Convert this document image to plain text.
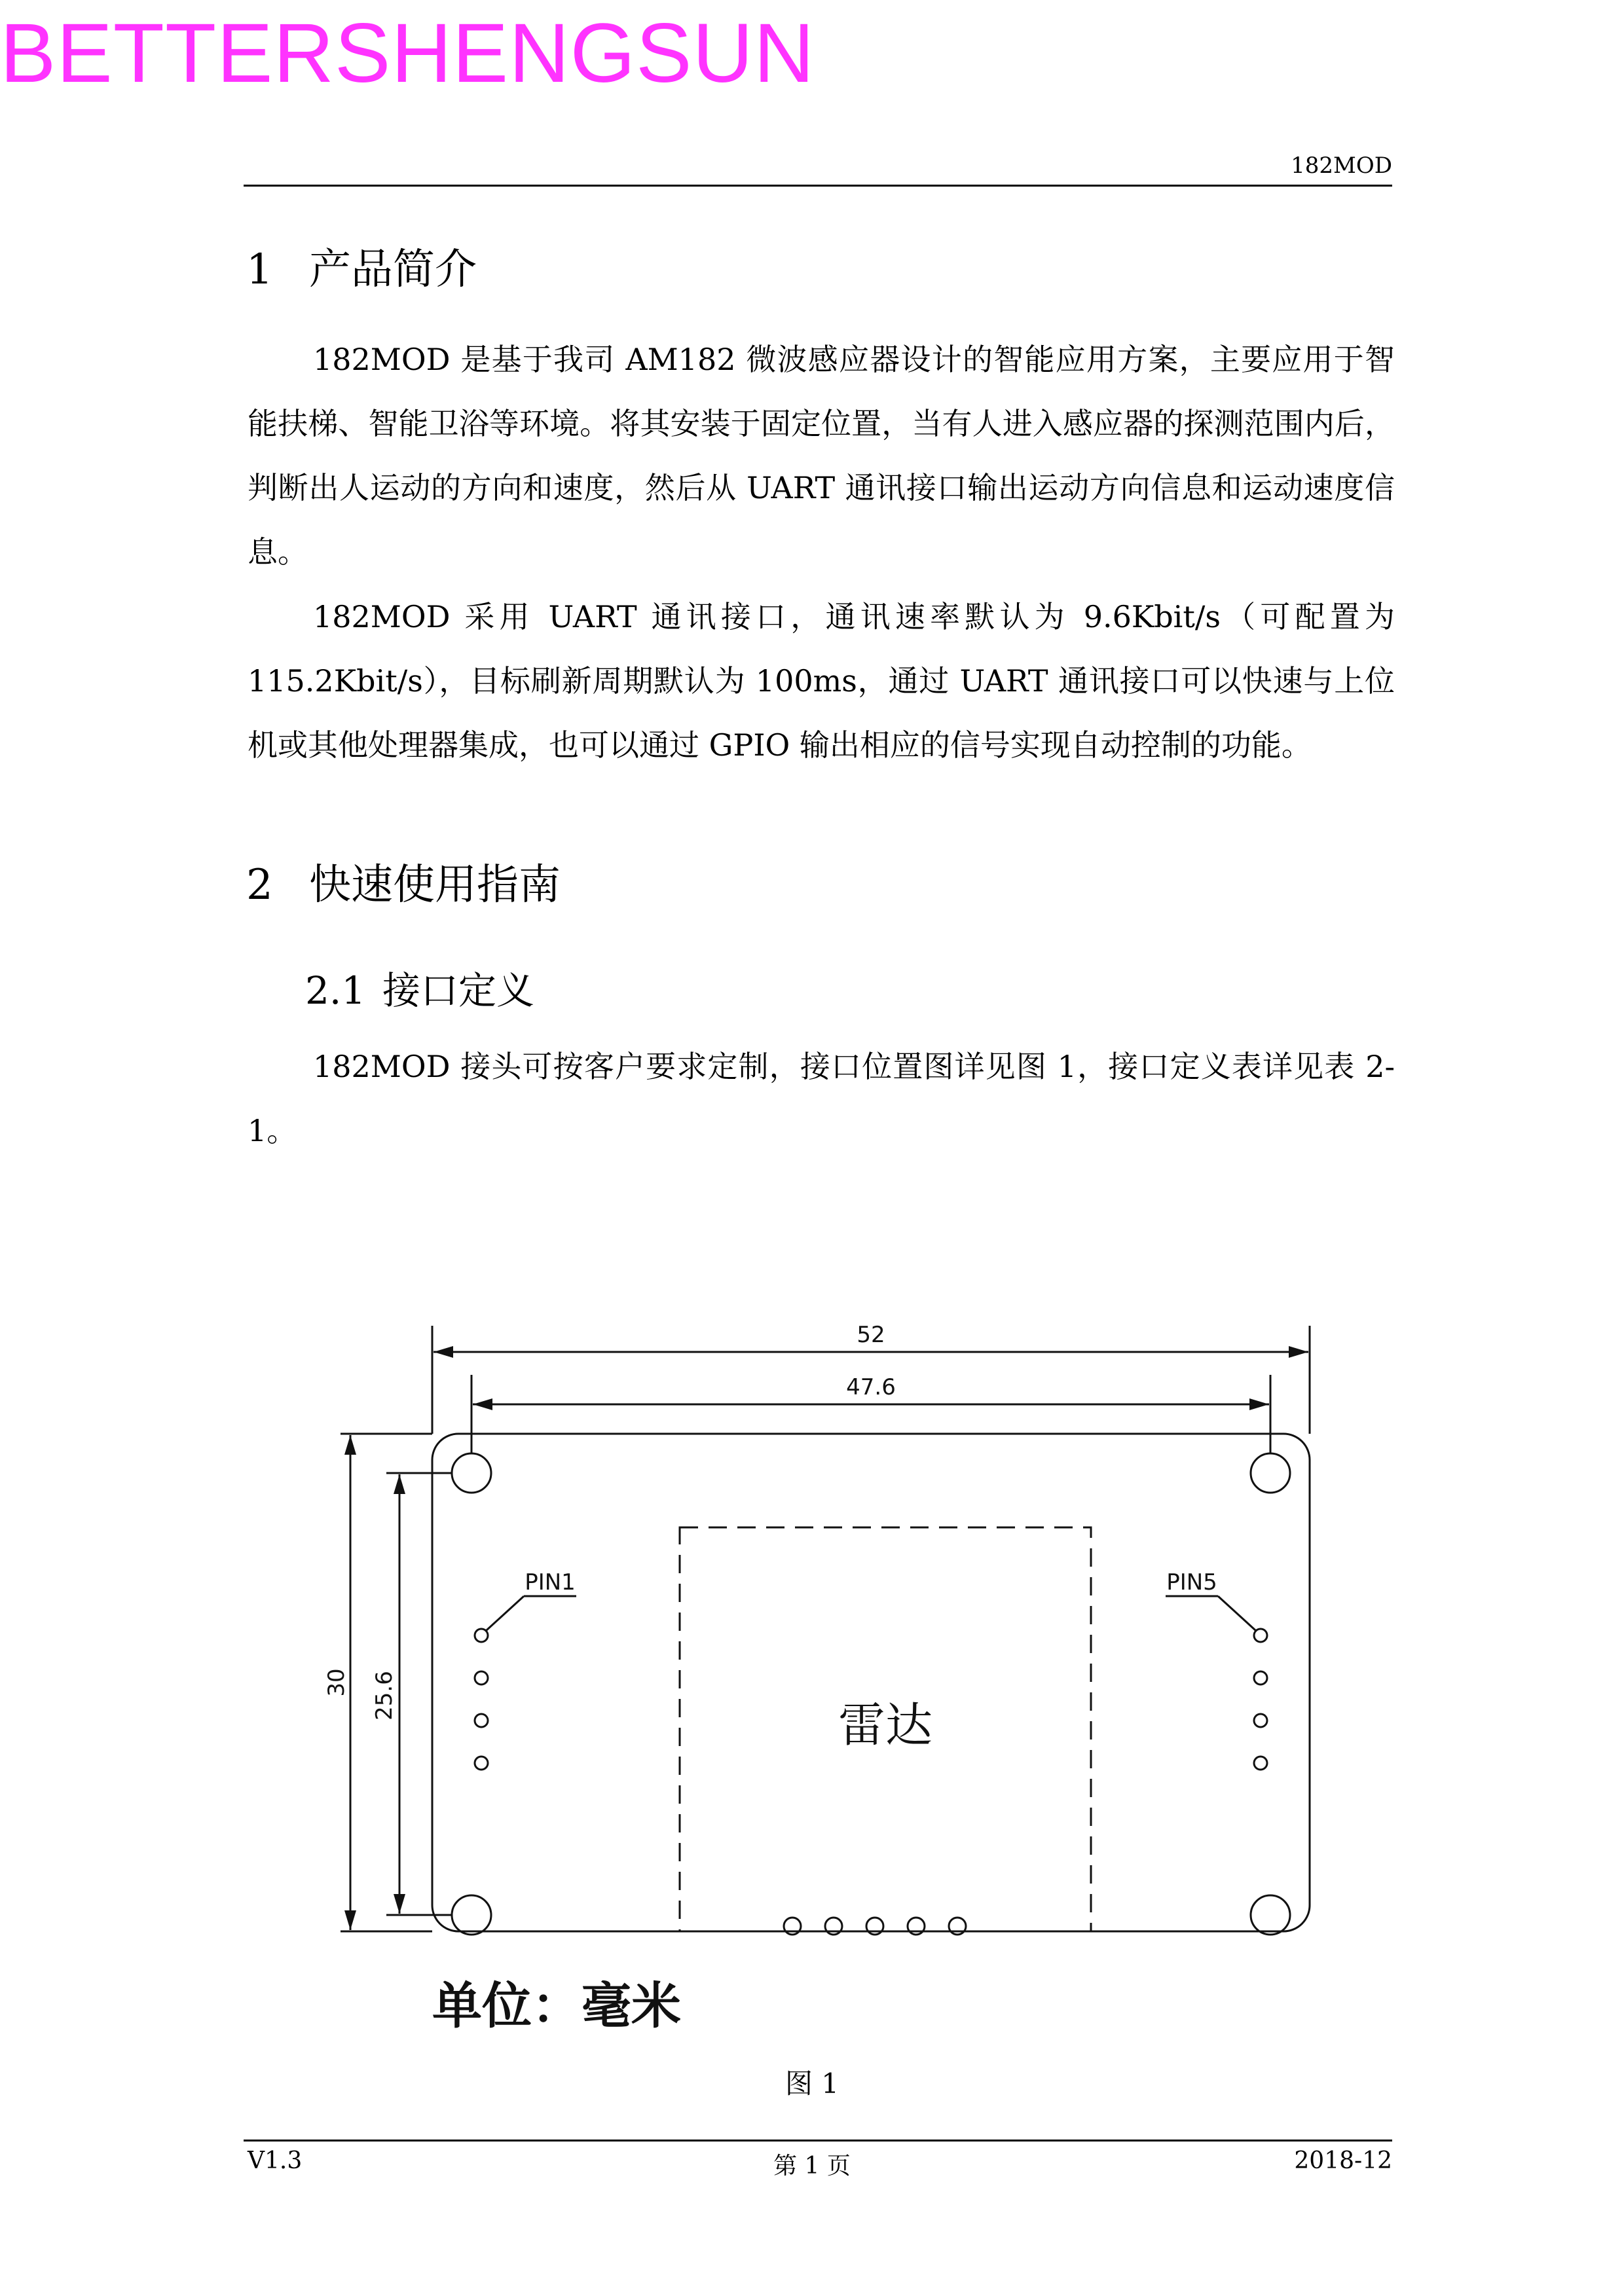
BETTERSHENGSUN
182MOD
1 产品简介

182MOD 是基于我司 AM182 微波感应器设计的智能应用方案，主要应用于智能扶梯、智能卫浴等环境。将其安装于固定位置，当有人进入感应器的探测范围内后，判断出人运动的方向和速度，然后从 UART 通讯接口输出运动方向信息和运动速度信息。

182MOD 采用 UART 通讯接口，通讯速率默认为 9.6Kbit/s（可配置为 115.2Kbit/s），目标刷新周期默认为 100ms，通过 UART 通讯接口可以快速与上位机或其他处理器集成，也可以通过 GPIO 输出相应的信号实现自动控制的功能。

2 快速使用指南
2.1 接口定义

182MOD 接头可按客户要求定制，接口位置图详见图 1，接口定义表详见表 2-1。

52
47.6
30 25.6
PIN1	PIN5
雷达
单位：毫米
图 1
V1.3	第 1 页	2018-12
